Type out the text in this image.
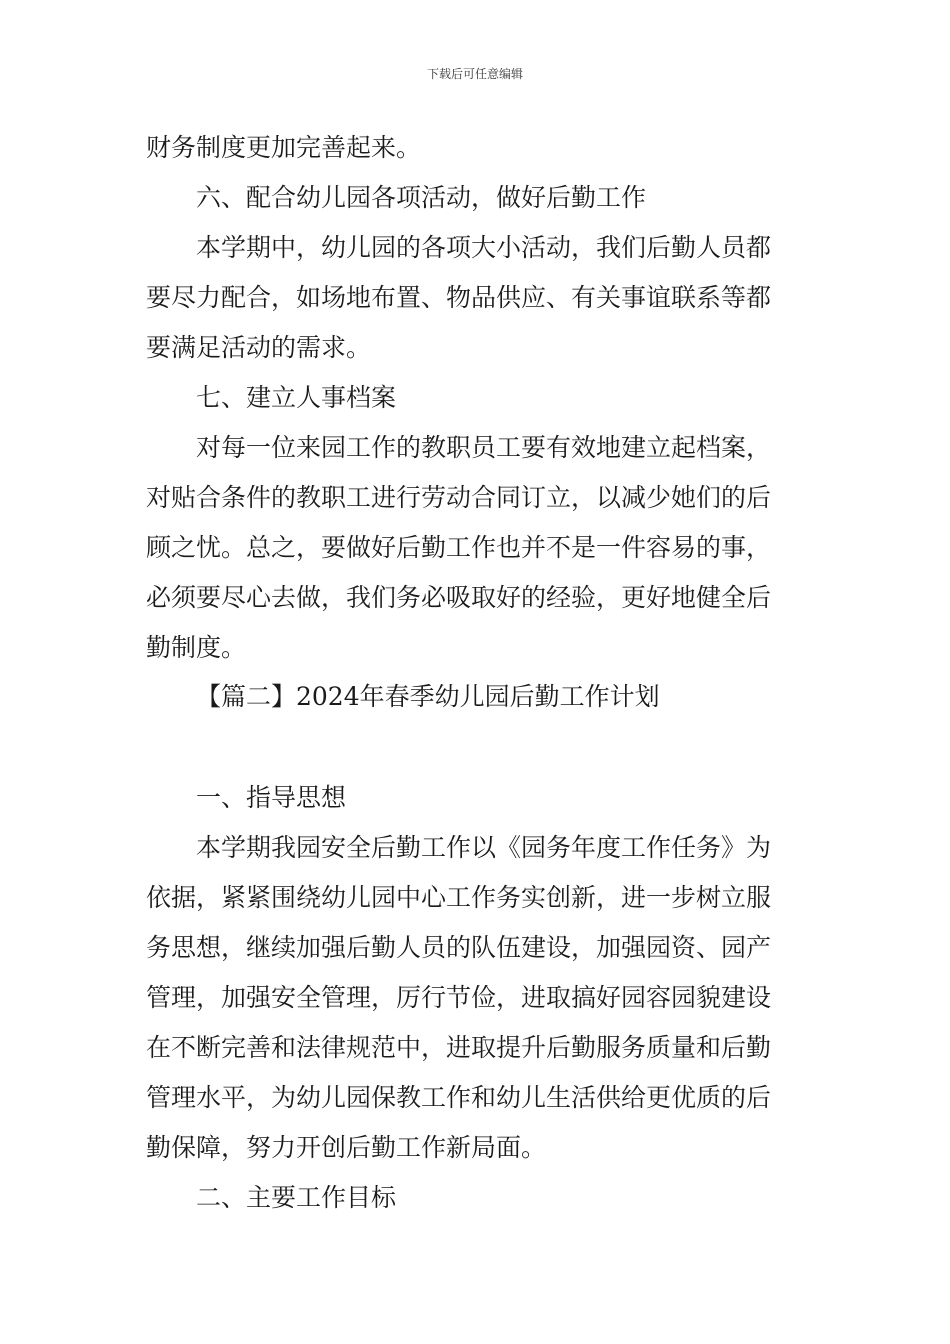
下载后可任意编辑
财务制度更加完善起来。
六、配合幼儿园各项活动，做好后勤工作
本学期中，幼儿园的各项大小活动，我们后勤人员都
要尽力配合，如场地布置、物品供应、有关事谊联系等都
要满足活动的需求。
七、建立人事档案
对每一位来园工作的教职员工要有效地建立起档案，
对贴合条件的教职工进行劳动合同订立，以减少她们的后
顾之忧。总之，要做好后勤工作也并不是一件容易的事，
必须要尽心去做，我们务必吸取好的经验，更好地健全后
勤制度。
【篇二】2024年春季幼儿园后勤工作计划
一、指导思想
本学期我园安全后勤工作以《园务年度工作任务》为
依据，紧紧围绕幼儿园中心工作务实创新，进一步树立服
务思想，继续加强后勤人员的队伍建设，加强园资、园产
管理，加强安全管理，厉行节俭，进取搞好园容园貌建设
在不断完善和法律规范中，进取提升后勤服务质量和后勤
管理水平，为幼儿园保教工作和幼儿生活供给更优质的后
勤保障，努力开创后勤工作新局面。
二、主要工作目标
